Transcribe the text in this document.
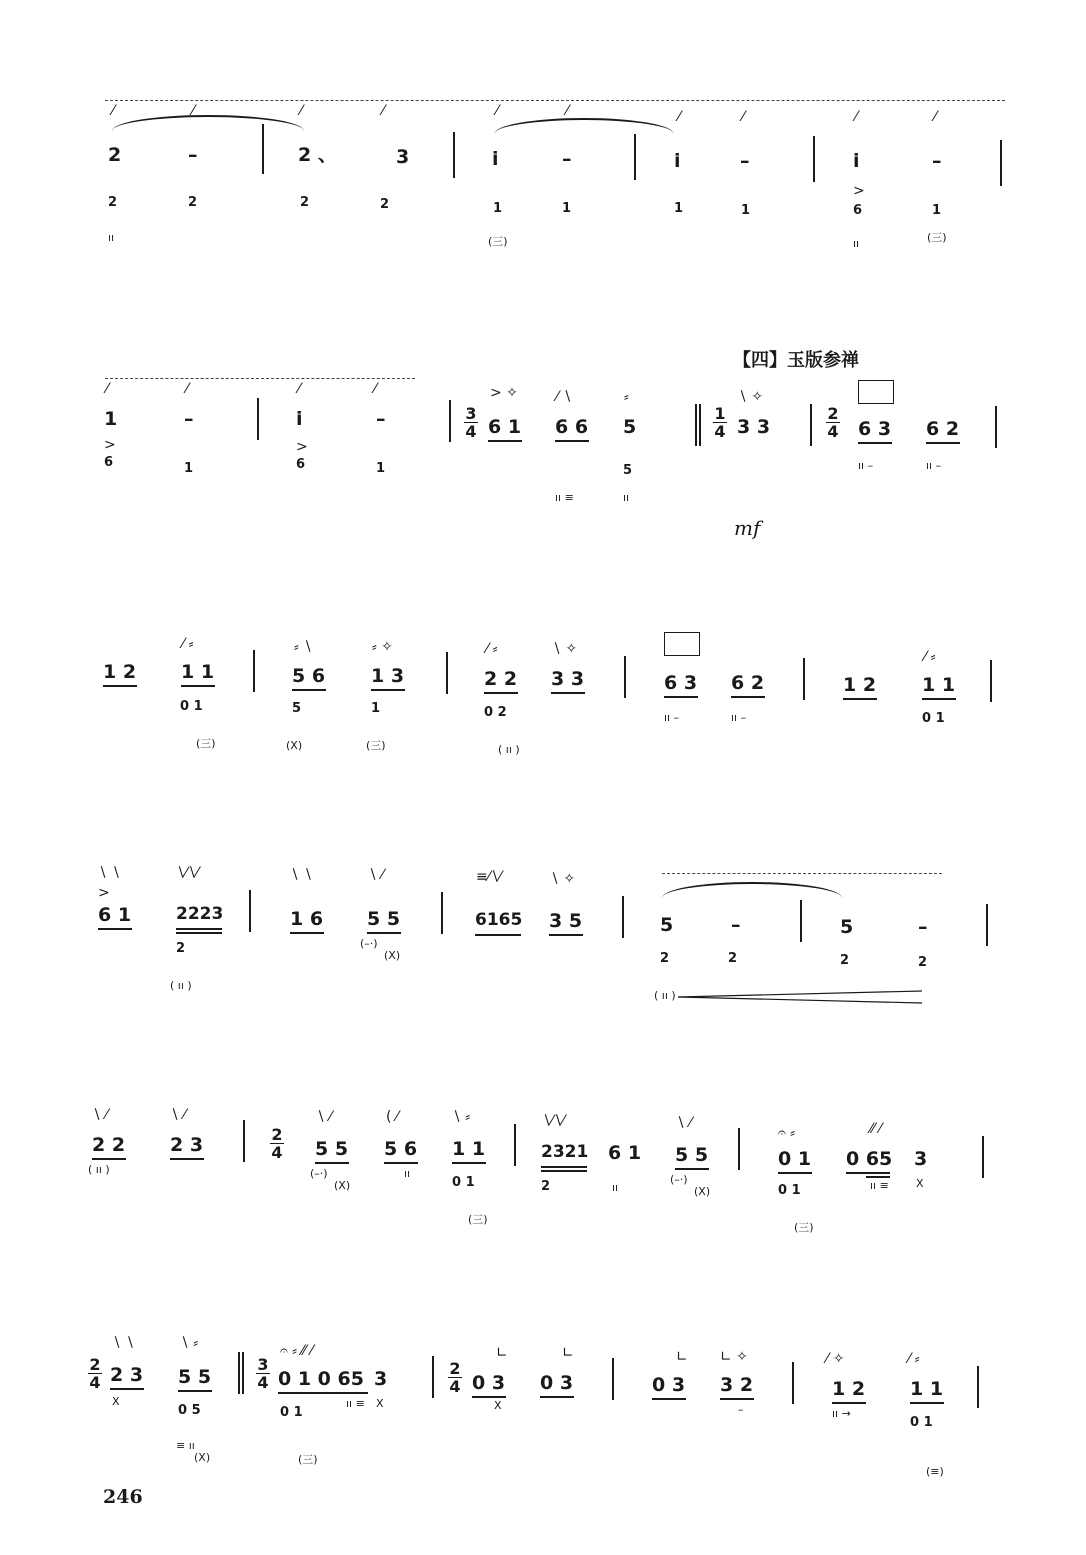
⁄	⁄	⁄	⁄	⁄	⁄	⁄	⁄	⁄	⁄
2	–	2 、	3	i	–	i	–	i	–
2	2	2	2	1	1	1	1
>
6	1
(三)	(三)
ıı	ıı
【四】玉版参禅
⁄	⁄	⁄	⁄
1	–	i	–	3
4
> ✧
6 1
⁄ ∖
6 6
⸗
5
5
ıı ≡	ıı
1
4
∖ ✧
3 3
2
4 6 3 6 2
ıı –	ıı –
>
6	1
>
6	1
mf
1 2
⁄ ⸗
1 1
0 1
(三)
⸗ ∖
5 6
⸗ ✧
1 3
5
(X)
1
(三)
⁄ ⸗
2 2
∖ ✧
3 3
0 2
( ıı )
6 3 6 2
ıı –	ıı –
1 2
⁄ ⸗
1 1
0 1
∖ ∖
>
6 1
∖⁄∖⁄
2223
2
( ıı )
∖ ∖
1 6
∖ ⁄
5 5
(–·)
(X)
≡⁄∖⁄
6165
∖ ✧
3 5	5	–	5	–
2	2	2	2
( ıı )
∖ ⁄
2 2
( ıı )
∖ ⁄
2 3	2
4
∖ ⁄
5 5
(–·)
(X)
( ⁄
5 6
ıı
∖ ⸗
1 1
0 1
(三)
∖⁄∖⁄
2321
2
6 1
ıı
∖ ⁄
5 5
(–·)
(X)
𝄐 ⸗
0 1
0 1
(三)
⁄⁄ ⁄
0 65
ıı ≡
3
X
2
4
∖ ∖
2 3
X
∖ ⸗
5 5
0 5
≡ ıı
(X)
3
4
𝄐 ⸗ ⁄⁄ ⁄
0 1 0 65
0 1
(三)
ıı ≡
3
X
2
4
∟
0 3
X
∟
0 3
∟
0 3
∟ ✧
3 2
–
⁄ ✧
1 2
ıı →
⁄ ⸗
1 1
0 1
(≡)
246
